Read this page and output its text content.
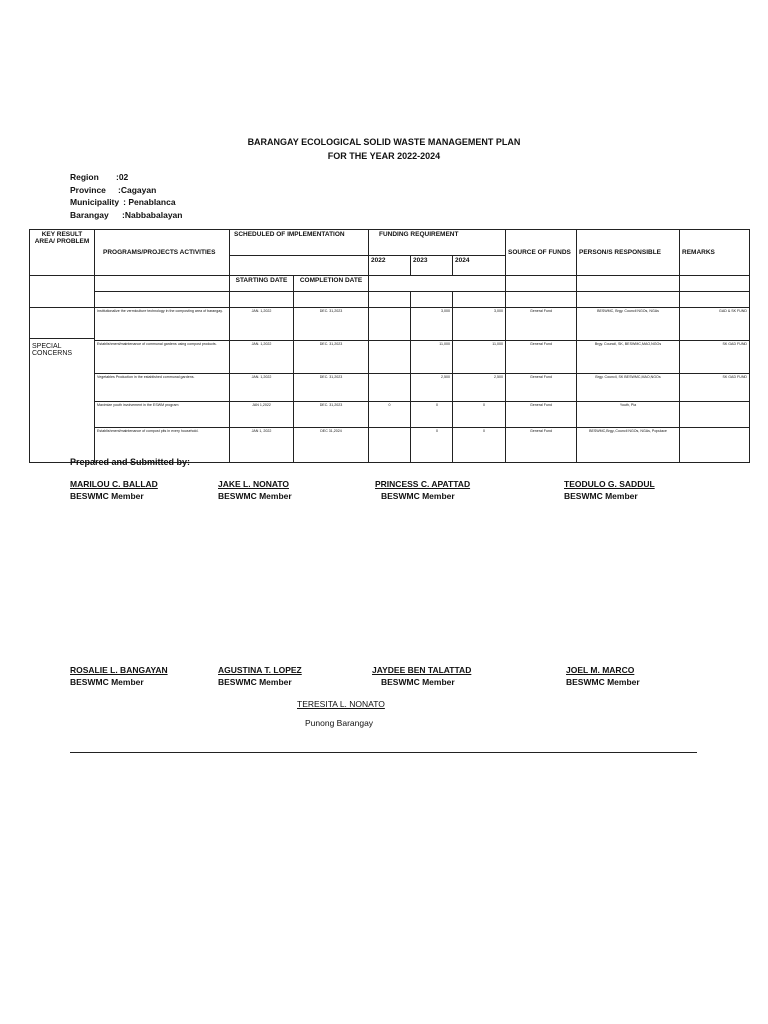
BARANGAY ECOLOGICAL SOLID WASTE MANAGEMENT PLAN
FOR THE YEAR 2022-2024
Region :02
Province :Cagayan
Municipality : Penablanca
Barangay :Nabbabalayan
KEY RESULT AREA/ PROBLEM	PROGRAMS/PROJECTS ACTIVITIES	SCHEDULED OF IMPLEMENTATION		FUNDING REQUIREMENT			SOURCE OF FUNDS	PERSON/S RESPONSIBLE	REMARKS
				2022	2023	2024			

		STARTING DATE	COMPLETION DATE						

SPECIAL CONCERNS	Institutionalize the vermiculture technology in the composting area of barangay.	JAN. 1,2022	DEC. 31,2023		3,000	3,000	General Fund	BESWMC, Brgy. Council NGOs, NGAs	GAD & SK FUND
	Establishment/maintenance of communal gardens using compost products.	JAN. 1,2022	DEC. 31,2023		11,000	11,000	General Fund	Brgy. Council, SK, BESWMC,MAO,NGOs	SK GAD FUND
	Vegetables Production in the established communal gardens.	JAN. 1,2022	DEC. 31,2023		2,500	2,500	General Fund	Brgy. Council, SK BESWMC,MAO,NGOs	SK GAD FUND
	Maximize youth involvement in the ESWM program	JAN 1,2022	DEC. 31,2023	0	0	0	General Fund	Youth, Pia	
	Establishment/maintenance of compost pits in every household.	JAN 1, 2022	DEC 31,2024		0	0	General Fund	BESWMC,Brgy.,Council NGOs, NGAs, Populace	
Prepared and Submitted by:
MARILOU C. BALLAD
BESWMC Member
JAKE L. NONATO
BESWMC Member
PRINCESS C. APATTAD
BESWMC Member
TEODULO G. SADDUL
BESWMC Member
ROSALIE L. BANGAYAN
BESWMC Member
AGUSTINA T. LOPEZ
BESWMC Member
JAYDEE BEN TALATTAD
BESWMC Member
JOEL M. MARCO
BESWMC Member
TERESITA L. NONATO
Punong Barangay
